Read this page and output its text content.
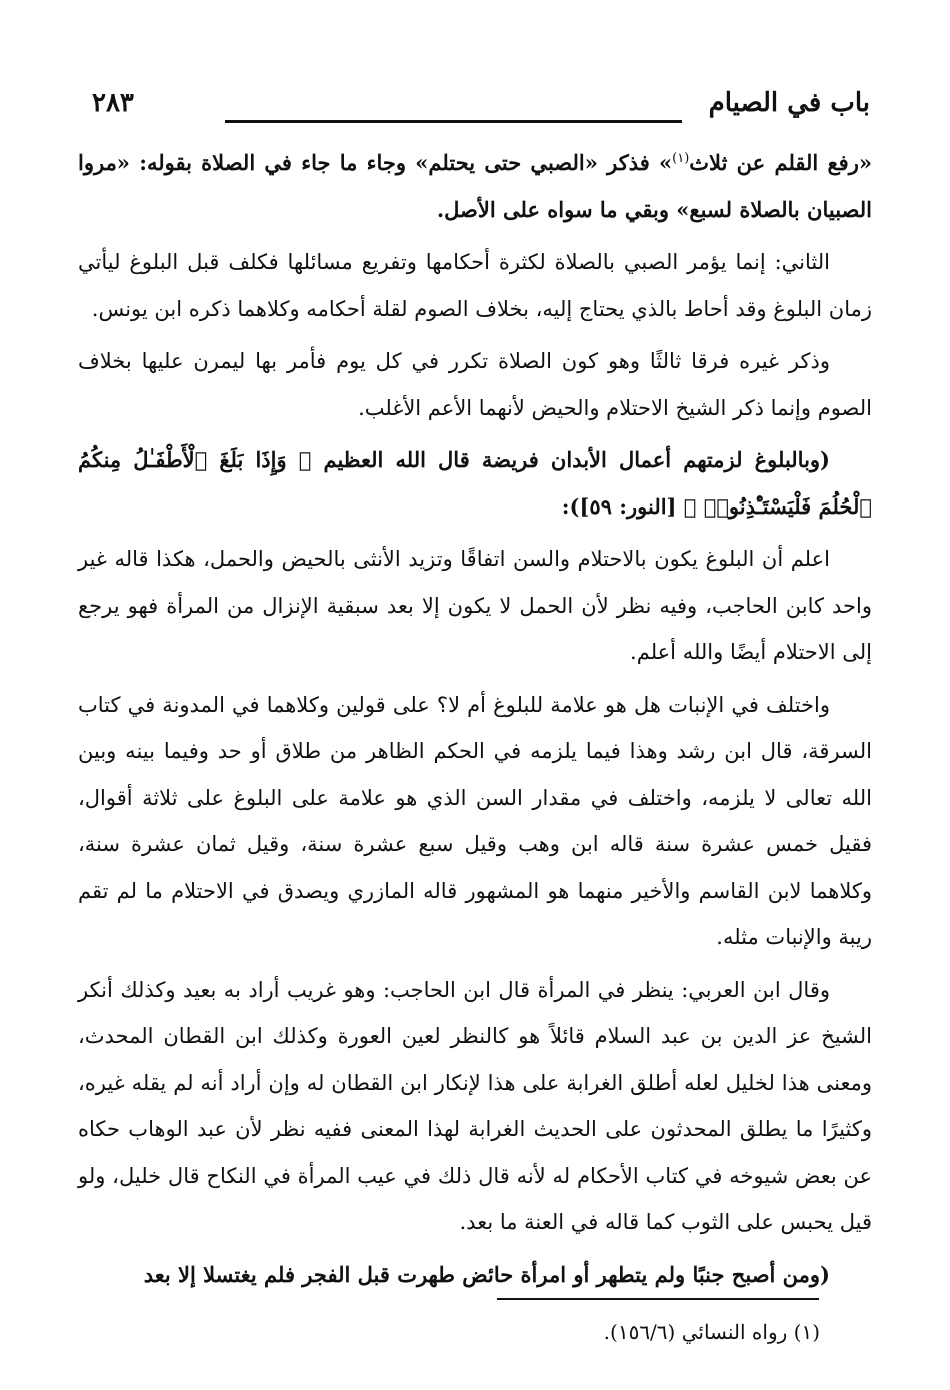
٢٨٣	باب في الصيام

«رفع القلم عن ثلاث$^{(١)}$» فذكر «الصبي حتى يحتلم» وجاء ما جاء في الصلاة بقوله: «مروا الصبيان بالصلاة لسبع» وبقي ما سواه على الأصل.

الثاني: إنما يؤمر الصبي بالصلاة لكثرة أحكامها وتفريع مسائلها فكلف قبل البلوغ ليأتي زمان البلوغ وقد أحاط بالذي يحتاج إليه، بخلاف الصوم لقلة أحكامه وكلاهما ذكره ابن يونس.

وذكر غيره فرقا ثالثًا وهو كون الصلاة تكرر في كل يوم فأمر بها ليمرن عليها بخلاف الصوم وإنما ذكر الشيخ الاحتلام والحيض لأنهما الأعم الأغلب.

(وبالبلوغ لزمتهم أعمال الأبدان فريضة قال الله العظيم ﴿ وَإِذَا بَلَغَ ٱلْأَطْفَـٰلُ مِنكُمُ ٱلْحُلُمَ فَلْيَسْتَـْٔذِنُوا۟ ﴾ [النور: ٥٩]):

اعلم أن البلوغ يكون بالاحتلام والسن اتفاقًا وتزيد الأنثى بالحيض والحمل، هكذا قاله غير واحد كابن الحاجب، وفيه نظر لأن الحمل لا يكون إلا بعد سبقية الإنزال من المرأة فهو يرجع إلى الاحتلام أيضًا والله أعلم.

واختلف في الإنبات هل هو علامة للبلوغ أم لا؟ على قولين وكلاهما في المدونة في كتاب السرقة، قال ابن رشد وهذا فيما يلزمه في الحكم الظاهر من طلاق أو حد وفيما بينه وبين الله تعالى لا يلزمه، واختلف في مقدار السن الذي هو علامة على البلوغ على ثلاثة أقوال، فقيل خمس عشرة سنة قاله ابن وهب وقيل سبع عشرة سنة، وقيل ثمان عشرة سنة، وكلاهما لابن القاسم والأخير منهما هو المشهور قاله المازري ويصدق في الاحتلام ما لم تقم ريبة والإنبات مثله.

وقال ابن العربي: ينظر في المرأة قال ابن الحاجب: وهو غريب أراد به بعيد وكذلك أنكر الشيخ عز الدين بن عبد السلام قائلاً هو كالنظر لعين العورة وكذلك ابن القطان المحدث، ومعنى هذا لخليل لعله أطلق الغرابة على هذا لإنكار ابن القطان له وإن أراد أنه لم يقله غيره، وكثيرًا ما يطلق المحدثون على الحديث الغرابة لهذا المعنى ففيه نظر لأن عبد الوهاب حكاه عن بعض شيوخه في كتاب الأحكام له لأنه قال ذلك في عيب المرأة في النكاح قال خليل، ولو قيل يحبس على الثوب كما قاله في العنة ما بعد.

(ومن أصبح جنبًا ولم يتطهر أو امرأة حائض طهرت قبل الفجر فلم يغتسلا إلا بعد

(١) رواه النسائي (١٥٦/٦).
